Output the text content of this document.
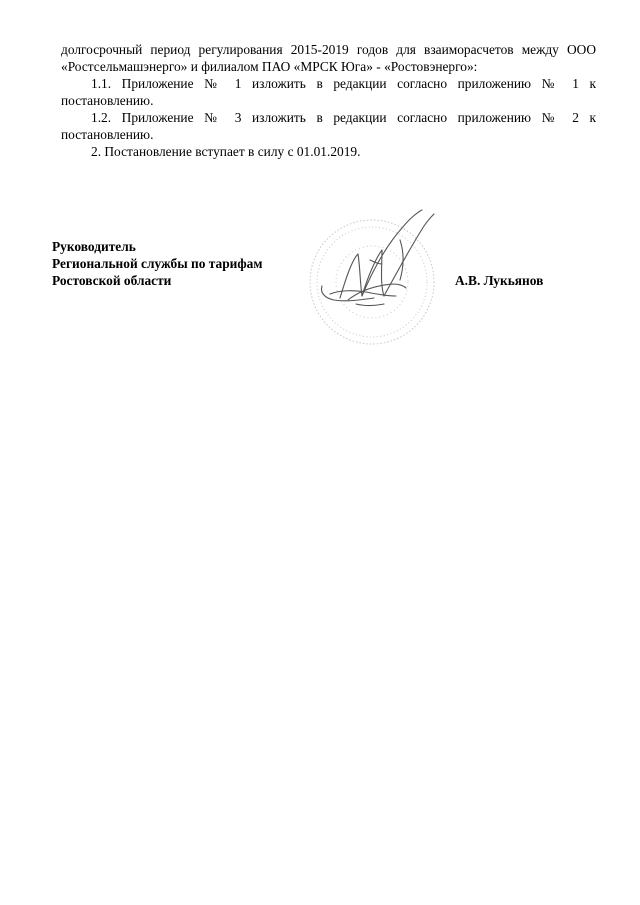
долгосрочный период регулирования 2015-2019 годов для взаиморасчетов между ООО «Ростсельмашэнерго» и филиалом ПАО «МРСК Юга» - «Ростовэнерго»:

1.1. Приложение № 1 изложить в редакции согласно приложению № 1 к постановлению.

1.2. Приложение № 3 изложить в редакции согласно приложению № 2 к постановлению.

2. Постановление вступает в силу с 01.01.2019.

Руководитель
Региональной службы по тарифам
Ростовской области	А.В. Лукьянов
